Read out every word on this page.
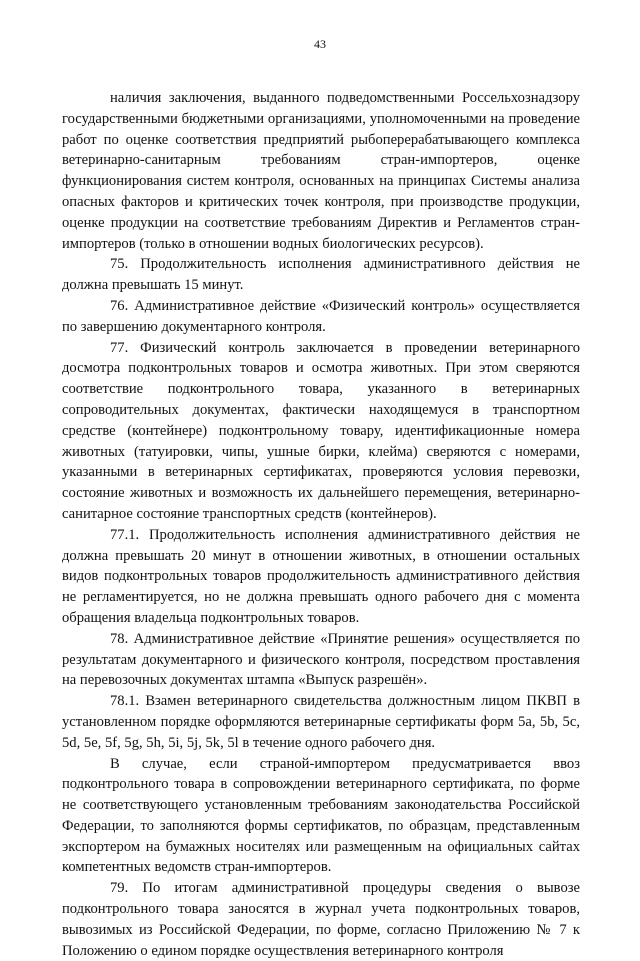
43

наличия заключения, выданного подведомственными Россельхознадзору государственными бюджетными организациями, уполномоченными на проведение работ по оценке соответствия предприятий рыбоперерабатывающего комплекса ветеринарно-санитарным требованиям стран-импортеров, оценке функционирования систем контроля, основанных на принципах Системы анализа опасных факторов и критических точек контроля, при производстве продукции, оценке продукции на соответствие требованиям Директив и Регламентов стран-импортеров (только в отношении водных биологических ресурсов).

75. Продолжительность исполнения административного действия не должна превышать 15 минут.

76. Административное действие «Физический контроль» осуществляется по завершению документарного контроля.

77. Физический контроль заключается в проведении ветеринарного досмотра подконтрольных товаров и осмотра животных. При этом сверяются соответствие подконтрольного товара, указанного в ветеринарных сопроводительных документах, фактически находящемуся в транспортном средстве (контейнере) подконтрольному товару, идентификационные номера животных (татуировки, чипы, ушные бирки, клейма) сверяются с номерами, указанными в ветеринарных сертификатах, проверяются условия перевозки, состояние животных и возможность их дальнейшего перемещения, ветеринарно-санитарное состояние транспортных средств (контейнеров).

77.1. Продолжительность исполнения административного действия не должна превышать 20 минут в отношении животных, в отношении остальных видов подконтрольных товаров продолжительность административного действия не регламентируется, но не должна превышать одного рабочего дня с момента обращения владельца подконтрольных товаров.

78. Административное действие «Принятие решения» осуществляется по результатам документарного и физического контроля, посредством проставления на перевозочных документах штампа «Выпуск разрешён».

78.1. Взамен ветеринарного свидетельства должностным лицом ПКВП в установленном порядке оформляются ветеринарные сертификаты форм 5а, 5b, 5c, 5d, 5e, 5f, 5g, 5h, 5i, 5j, 5k, 5l в течение одного рабочего дня.

В случае, если страной-импортером предусматривается ввоз подконтрольного товара в сопровождении ветеринарного сертификата, по форме не соответствующего установленным требованиям законодательства Российской Федерации, то заполняются формы сертификатов, по образцам, представленным экспортером на бумажных носителях или размещенным на официальных сайтах компетентных ведомств стран-импортеров.

79. По итогам административной процедуры сведения о вывозе подконтрольного товара заносятся в журнал учета подконтрольных товаров, вывозимых из Российской Федерации, по форме, согласно Приложению № 7 к Положению о едином порядке осуществления ветеринарного контроля
